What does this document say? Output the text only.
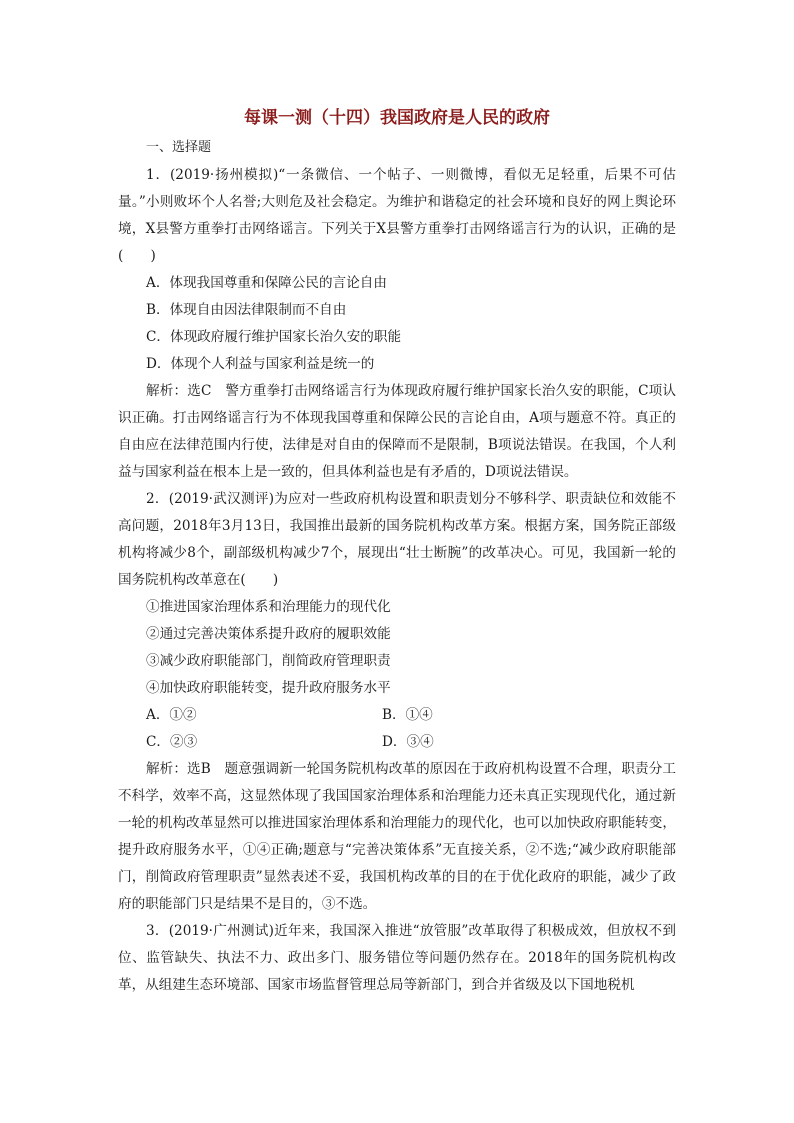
每课一测（十四）我国政府是人民的政府
一、选择题

1．(2019·扬州模拟)“一条微信、一个帖子、一则微博，看似无足轻重，后果不可估量。”小则败坏个人名誉;大则危及社会稳定。为维护和谐稳定的社会环境和良好的网上舆论环境，X县警方重拳打击网络谣言。下列关于X县警方重拳打击网络谣言行为的认识，正确的是(　　)

A．体现我国尊重和保障公民的言论自由

B．体现自由因法律限制而不自由

C．体现政府履行维护国家长治久安的职能

D．体现个人利益与国家利益是统一的

解析：选C　警方重拳打击网络谣言行为体现政府履行维护国家长治久安的职能，C项认识正确。打击网络谣言行为不体现我国尊重和保障公民的言论自由，A项与题意不符。真正的自由应在法律范围内行使，法律是对自由的保障而不是限制，B项说法错误。在我国，个人利益与国家利益在根本上是一致的，但具体利益也是有矛盾的，D项说法错误。

2．(2019·武汉测评)为应对一些政府机构设置和职责划分不够科学、职责缺位和效能不高问题，2018年3月13日，我国推出最新的国务院机构改革方案。根据方案，国务院正部级机构将减少8个，副部级机构减少7个，展现出“壮士断腕”的改革决心。可见，我国新一轮的国务院机构改革意在(　　)

①推进国家治理体系和治理能力的现代化

②通过完善决策体系提升政府的履职效能

③减少政府职能部门，削简政府管理职责

④加快政府职能转变，提升政府服务水平

A．①②	B．①④
C．②③	D．③④

解析：选B　题意强调新一轮国务院机构改革的原因在于政府机构设置不合理，职责分工不科学，效率不高，这显然体现了我国国家治理体系和治理能力还未真正实现现代化，通过新一轮的机构改革显然可以推进国家治理体系和治理能力的现代化，也可以加快政府职能转变，提升政府服务水平，①④正确;题意与“完善决策体系”无直接关系，②不选;“减少政府职能部门，削简政府管理职责”显然表述不妥，我国机构改革的目的在于优化政府的职能，减少了政府的职能部门只是结果不是目的，③不选。

3．(2019·广州测试)近年来，我国深入推进“放管服”改革取得了积极成效，但放权不到位、监管缺失、执法不力、政出多门、服务错位等问题仍然存在。2018年的国务院机构改革，从组建生态环境部、国家市场监督管理总局等新部门，到合并省级及以下国地税机
